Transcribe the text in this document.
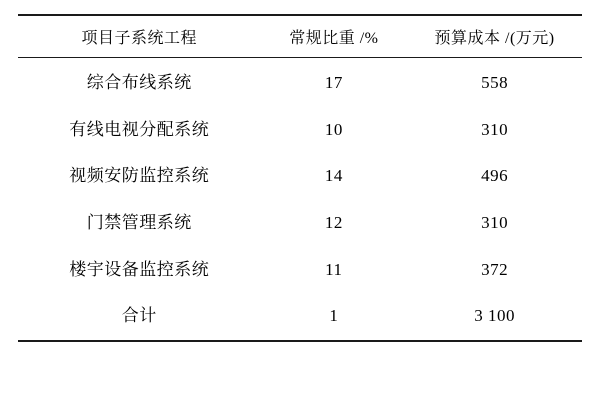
项目子系统工程	常规比重 /%	预算成本 /(万元)
综合布线系统	17	558
有线电视分配系统	10	310
视频安防监控系统	14	496
门禁管理系统	12	310
楼宇设备监控系统	11	372
合计	1	3 100
